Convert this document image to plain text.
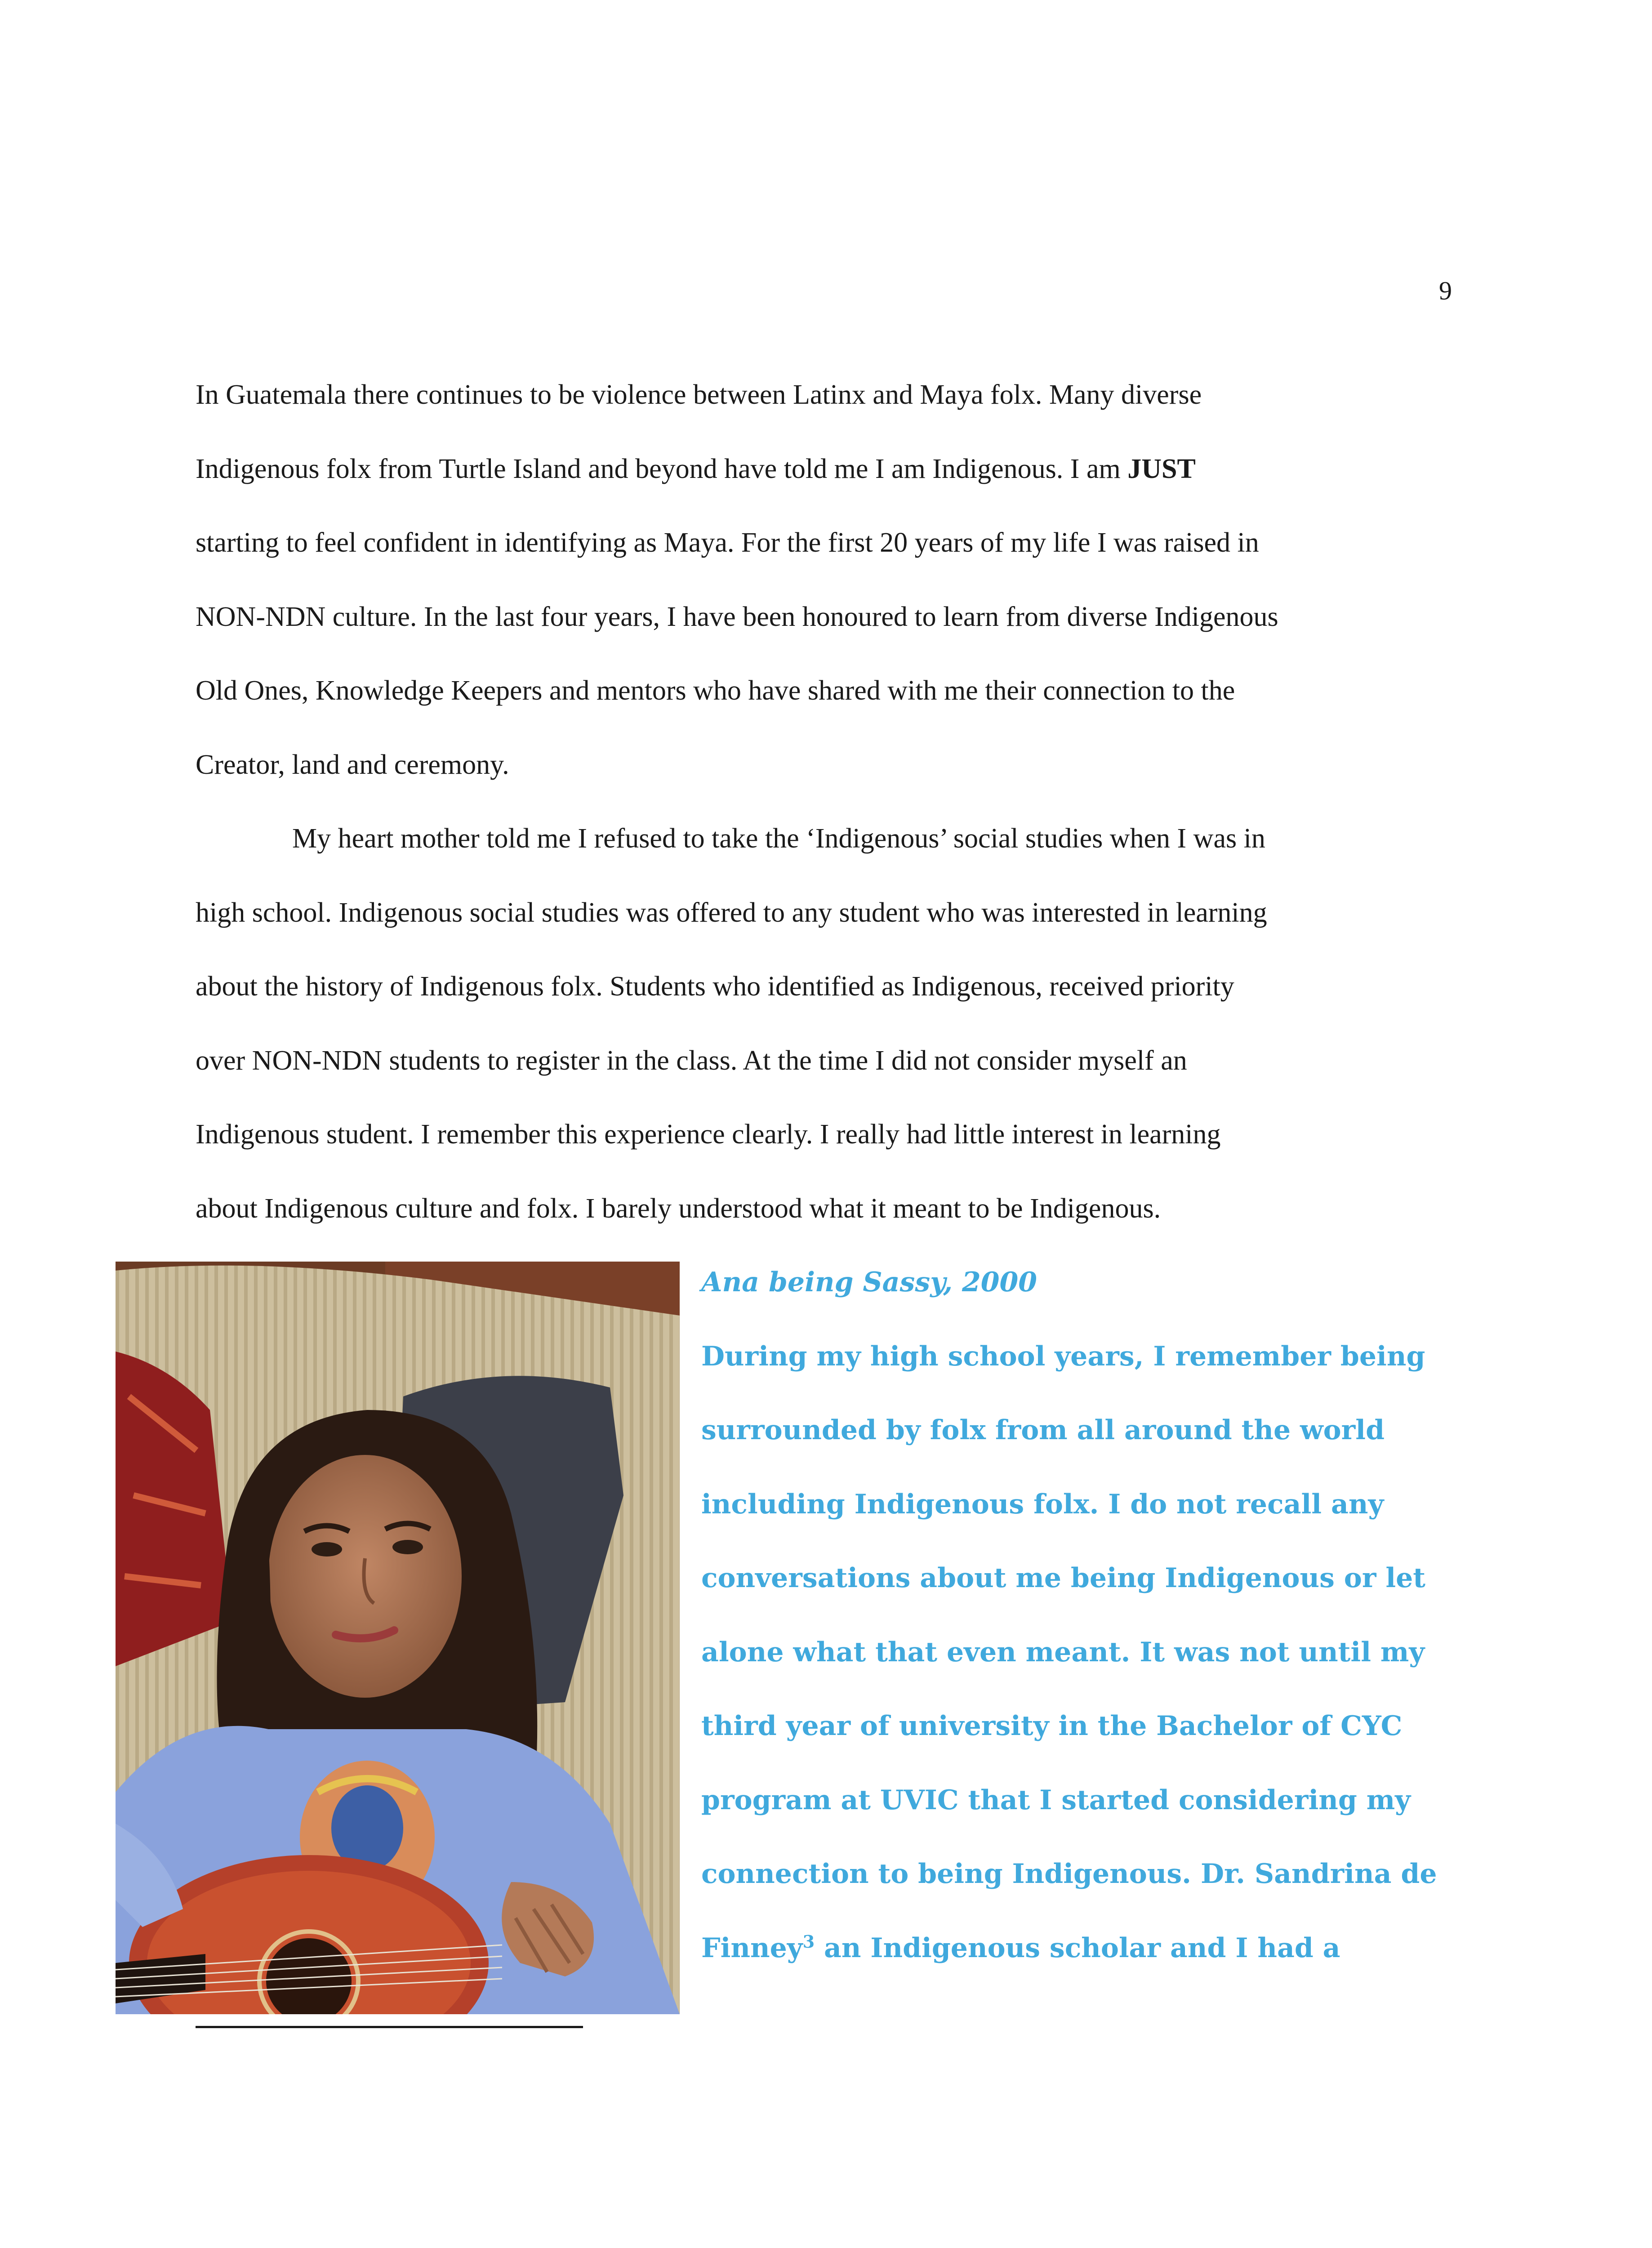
9
In Guatemala there continues to be violence between Latinx and Maya folx. Many diverse
Indigenous folx from Turtle Island and beyond have told me I am Indigenous. I am JUST
starting to feel confident in identifying as Maya. For the first 20 years of my life I was raised in
NON-NDN culture. In the last four years, I have been honoured to learn from diverse Indigenous
Old Ones, Knowledge Keepers and mentors who have shared with me their connection to the
Creator, land and ceremony.
My heart mother told me I refused to take the ‘Indigenous’ social studies when I was in
high school. Indigenous social studies was offered to any student who was interested in learning
about the history of Indigenous folx. Students who identified as Indigenous, received priority
over NON-NDN students to register in the class. At the time I did not consider myself an
Indigenous student. I remember this experience clearly. I really had little interest in learning
about Indigenous culture and folx. I barely understood what it meant to be Indigenous.
Ana being Sassy, 2000
During my high school years, I remember being
surrounded by folx from all around the world
including Indigenous folx. I do not recall any
conversations about me being Indigenous or let
alone what that even meant. It was not until my
third year of university in the Bachelor of CYC
program at UVIC that I started considering my
connection to being Indigenous. Dr. Sandrina de
Finney$^3$ an Indigenous scholar and I had a
